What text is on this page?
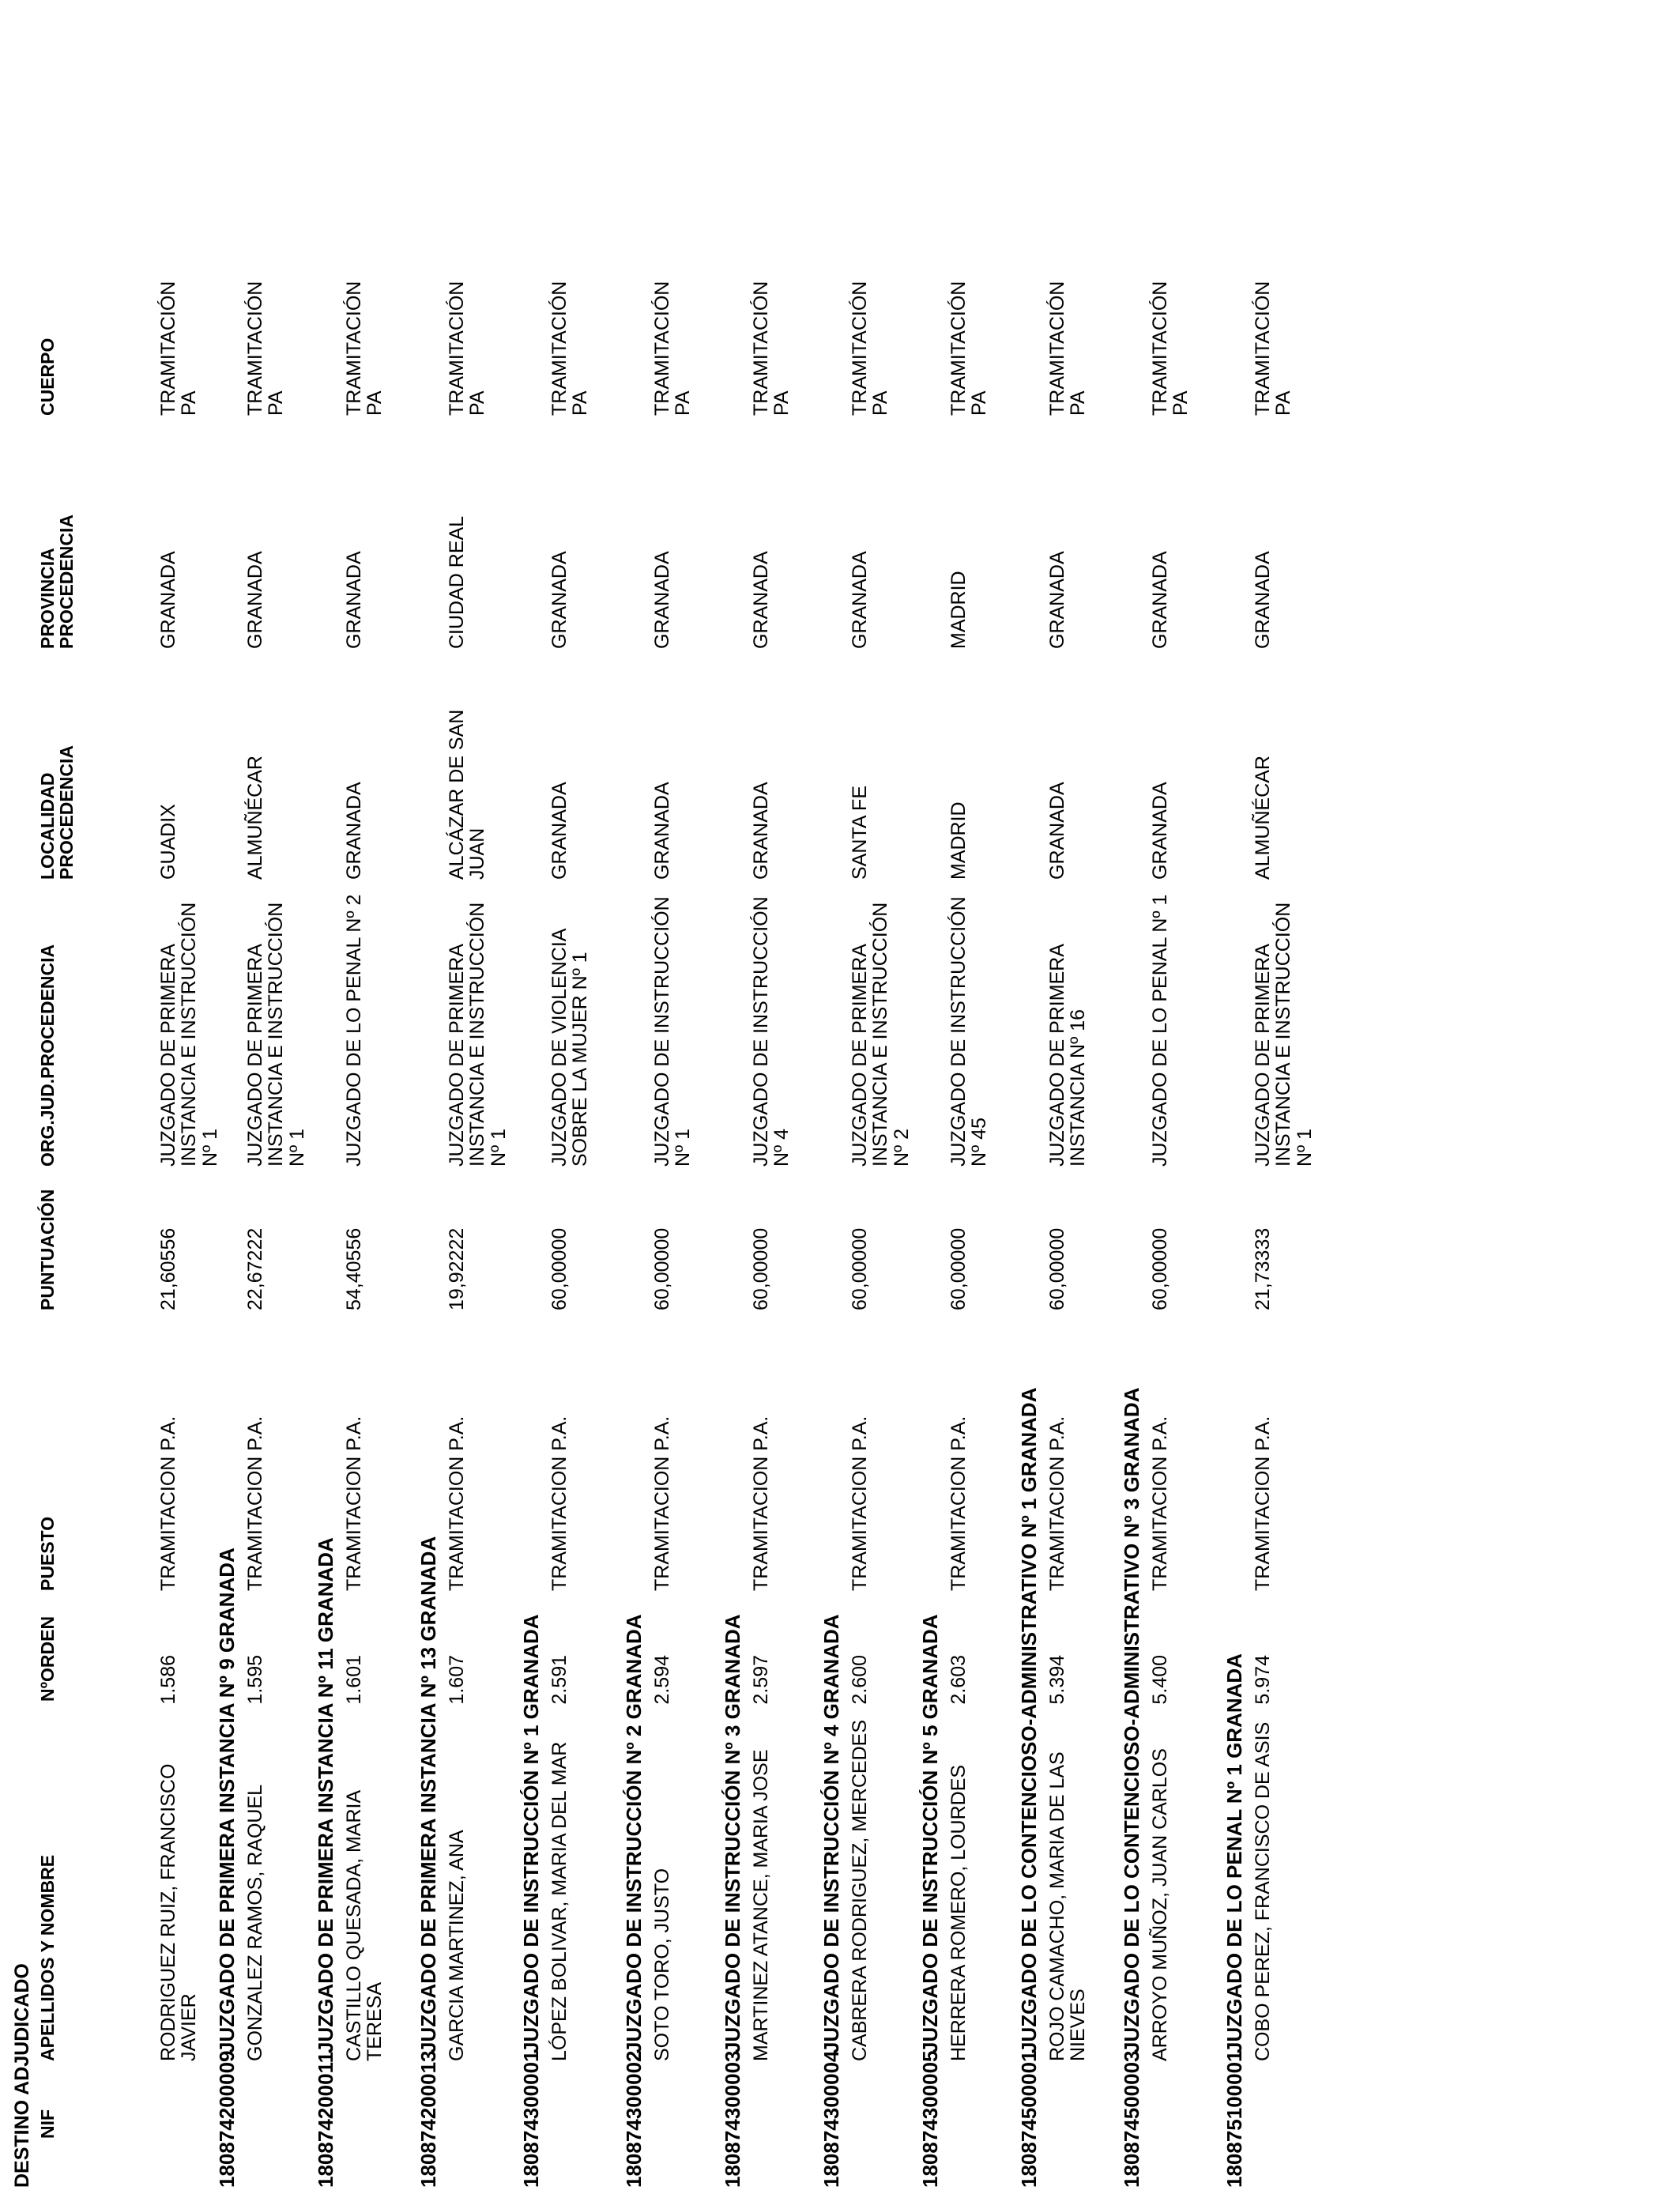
DESTINO ADJUDICADO NIF
APELLIDOS Y NOMBRE
NºORDEN
PUESTO
PUNTUACIÓN
ORG.JUD.PROCEDENCIA
LOCALIDAD PROCEDENCIA
PROVINCIA PROCEDENCIA
CUERPO
RODRIGUEZ RUIZ, FRANCISCO JAVIER
1.586
TRAMITACION P.A.
21,60556
JUZGADO DE PRIMERA INSTANCIA E INSTRUCCIÓN Nº 1
GUADIX
GRANADA
TRAMITACIÓN PA
180874200009
JUZGADO DE PRIMERA INSTANCIA Nº 9 GRANADA GONZALEZ RAMOS, RAQUEL
1.595
TRAMITACION P.A.
22,67222
JUZGADO DE PRIMERA INSTANCIA E INSTRUCCIÓN Nº 1
ALMUÑÉCAR
GRANADA
TRAMITACIÓN PA
180874200011
JUZGADO DE PRIMERA INSTANCIA Nº 11 GRANADA CASTILLO QUESADA, MARIA TERESA
1.601
TRAMITACION P.A.
54,40556
JUZGADO DE LO PENAL Nº 2
GRANADA
GRANADA
TRAMITACIÓN PA
180874200013
JUZGADO DE PRIMERA INSTANCIA Nº 13 GRANADA GARCIA MARTINEZ, ANA
1.607
TRAMITACION P.A.
19,92222
JUZGADO DE PRIMERA INSTANCIA E INSTRUCCIÓN Nº 1
ALCÁZAR DE SAN JUAN
CIUDAD REAL
TRAMITACIÓN PA
180874300001
JUZGADO DE INSTRUCCIÓN Nº 1 GRANADA LÓPEZ BOLIVAR, MARIA DEL MAR
2.591
TRAMITACION P.A.
60,00000
JUZGADO DE VIOLENCIA SOBRE LA MUJER Nº 1
GRANADA
GRANADA
TRAMITACIÓN PA
180874300002
JUZGADO DE INSTRUCCIÓN Nº 2 GRANADA SOTO TORO, JUSTO
2.594
TRAMITACION P.A.
60,00000
JUZGADO DE INSTRUCCIÓN Nº 1
GRANADA
GRANADA
TRAMITACIÓN PA
180874300003
JUZGADO DE INSTRUCCIÓN Nº 3 GRANADA MARTINEZ ATANCE, MARIA JOSE
2.597
TRAMITACION P.A.
60,00000
JUZGADO DE INSTRUCCIÓN Nº 4
GRANADA
GRANADA
TRAMITACIÓN PA
180874300004
JUZGADO DE INSTRUCCIÓN Nº 4 GRANADA CABRERA RODRIGUEZ, MERCEDES
2.600
TRAMITACION P.A.
60,00000
JUZGADO DE PRIMERA INSTANCIA E INSTRUCCIÓN Nº 2
SANTA FE
GRANADA
TRAMITACIÓN PA
180874300005
JUZGADO DE INSTRUCCIÓN Nº 5 GRANADA HERRERA ROMERO, LOURDES
2.603
TRAMITACION P.A.
60,00000
JUZGADO DE INSTRUCCIÓN Nº 45
MADRID
MADRID
TRAMITACIÓN PA
180874500001
JUZGADO DE LO CONTENCIOSO-ADMINISTRATIVO Nº 1 GRANADA ROJO CAMACHO, MARIA DE LAS NIEVES
5.394
TRAMITACION P.A.
60,00000
JUZGADO DE PRIMERA INSTANCIA Nº 16
GRANADA
GRANADA
TRAMITACIÓN PA
180874500003
JUZGADO DE LO CONTENCIOSO-ADMINISTRATIVO Nº 3 GRANADA ARROYO MUÑOZ, JUAN CARLOS
5.400
TRAMITACION P.A.
60,00000
JUZGADO DE LO PENAL Nº 1
GRANADA
GRANADA
TRAMITACIÓN PA
180875100001
JUZGADO DE LO PENAL Nº 1 GRANADA COBO PEREZ, FRANCISCO DE ASIS
5.974
TRAMITACION P.A.
21,73333
JUZGADO DE PRIMERA INSTANCIA E INSTRUCCIÓN Nº 1
ALMUÑÉCAR
GRANADA
TRAMITACIÓN PA
